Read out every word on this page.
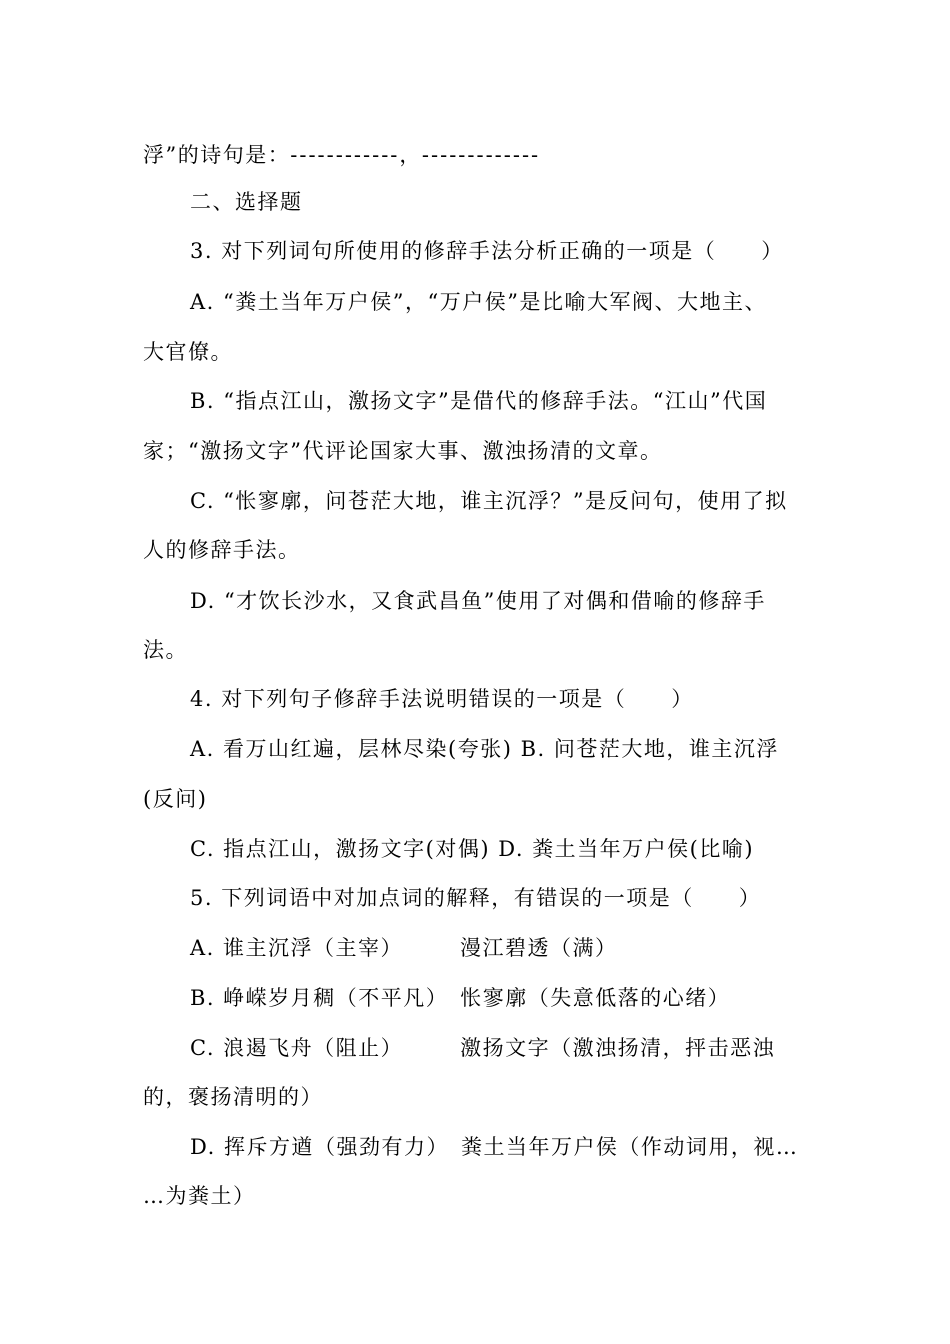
浮”的诗句是：------------，-------------
二、选择题
3. 对下列词句所使用的修辞手法分析正确的一项是（　　）
A. “粪土当年万户侯”，“万户侯”是比喻大军阀、大地主、
大官僚。
B. “指点江山，激扬文字”是借代的修辞手法。“江山”代国
家；“激扬文字”代评论国家大事、激浊扬清的文章。
C. “怅寥廓，问苍茫大地，谁主沉浮？”是反问句，使用了拟
人的修辞手法。
D. “才饮长沙水，又食武昌鱼”使用了对偶和借喻的修辞手
法。
4. 对下列句子修辞手法说明错误的一项是（　　）
A. 看万山红遍，层林尽染(夸张) B. 问苍茫大地，谁主沉浮
(反问)
C. 指点江山，激扬文字(对偶) D. 粪土当年万户侯(比喻)
5. 下列词语中对加点词的解释，有错误的一项是（　　）
A. 谁主沉浮（主宰）　　　漫江碧透（满）
B. 峥嵘岁月稠（不平凡）　怅寥廓（失意低落的心绪）
C. 浪遏飞舟（阻止）　　　激扬文字（激浊扬清，抨击恶浊
的，褒扬清明的）
D. 挥斥方遒（强劲有力）　粪土当年万户侯（作动词用，视…
…为粪土）
